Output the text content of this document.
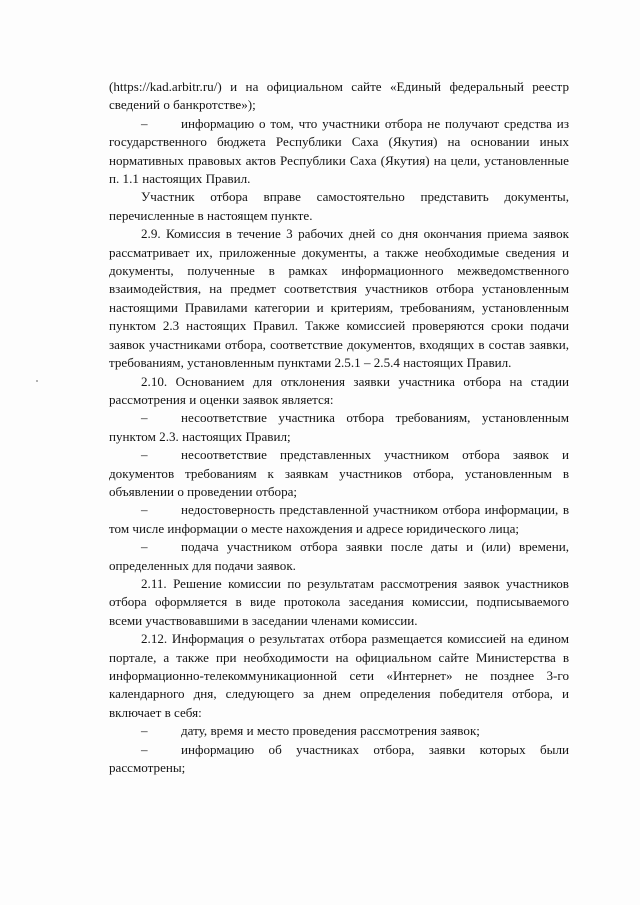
(https://kad.arbitr.ru/) и на официальном сайте «Единый федеральный реестр сведений о банкротстве»);

–	информацию о том, что участники отбора не получают средства из государственного бюджета Республики Саха (Якутия) на основании иных нормативных правовых актов Республики Саха (Якутия) на цели, установленные п. 1.1 настоящих Правил.

Участник отбора вправе самостоятельно представить документы, перечисленные в настоящем пункте.

2.9. Комиссия в течение 3 рабочих дней со дня окончания приема заявок рассматривает их, приложенные документы, а также необходимые сведения и документы, полученные в рамках информационного межведомственного взаимодействия, на предмет соответствия участников отбора установленным настоящими Правилами категории и критериям, требованиям, установленным пунктом 2.3 настоящих Правил. Также комиссией проверяются сроки подачи заявок участниками отбора, соответствие документов, входящих в состав заявки, требованиям, установленным пунктами 2.5.1 – 2.5.4 настоящих Правил.

2.10. Основанием для отклонения заявки участника отбора на стадии рассмотрения и оценки заявок является:

–	несоответствие участника отбора требованиям, установленным пунктом 2.3. настоящих Правил;

–	несоответствие представленных участником отбора заявок и документов требованиям к заявкам участников отбора, установленным в объявлении о проведении отбора;

–	недостоверность представленной участником отбора информации, в том числе информации о месте нахождения и адресе юридического лица;

–	подача участником отбора заявки после даты и (или) времени, определенных для подачи заявок.

2.11. Решение комиссии по результатам рассмотрения заявок участников отбора оформляется в виде протокола заседания комиссии, подписываемого всеми участвовавшими в заседании членами комиссии.

2.12. Информация о результатах отбора размещается комиссией на едином портале, а также при необходимости на официальном сайте Министерства в информационно-телекоммуникационной сети «Интернет» не позднее 3-го календарного дня, следующего за днем определения победителя отбора, и включает в себя:

–	дату, время и место проведения рассмотрения заявок;

–	информацию об участниках отбора, заявки которых были рассмотрены;
